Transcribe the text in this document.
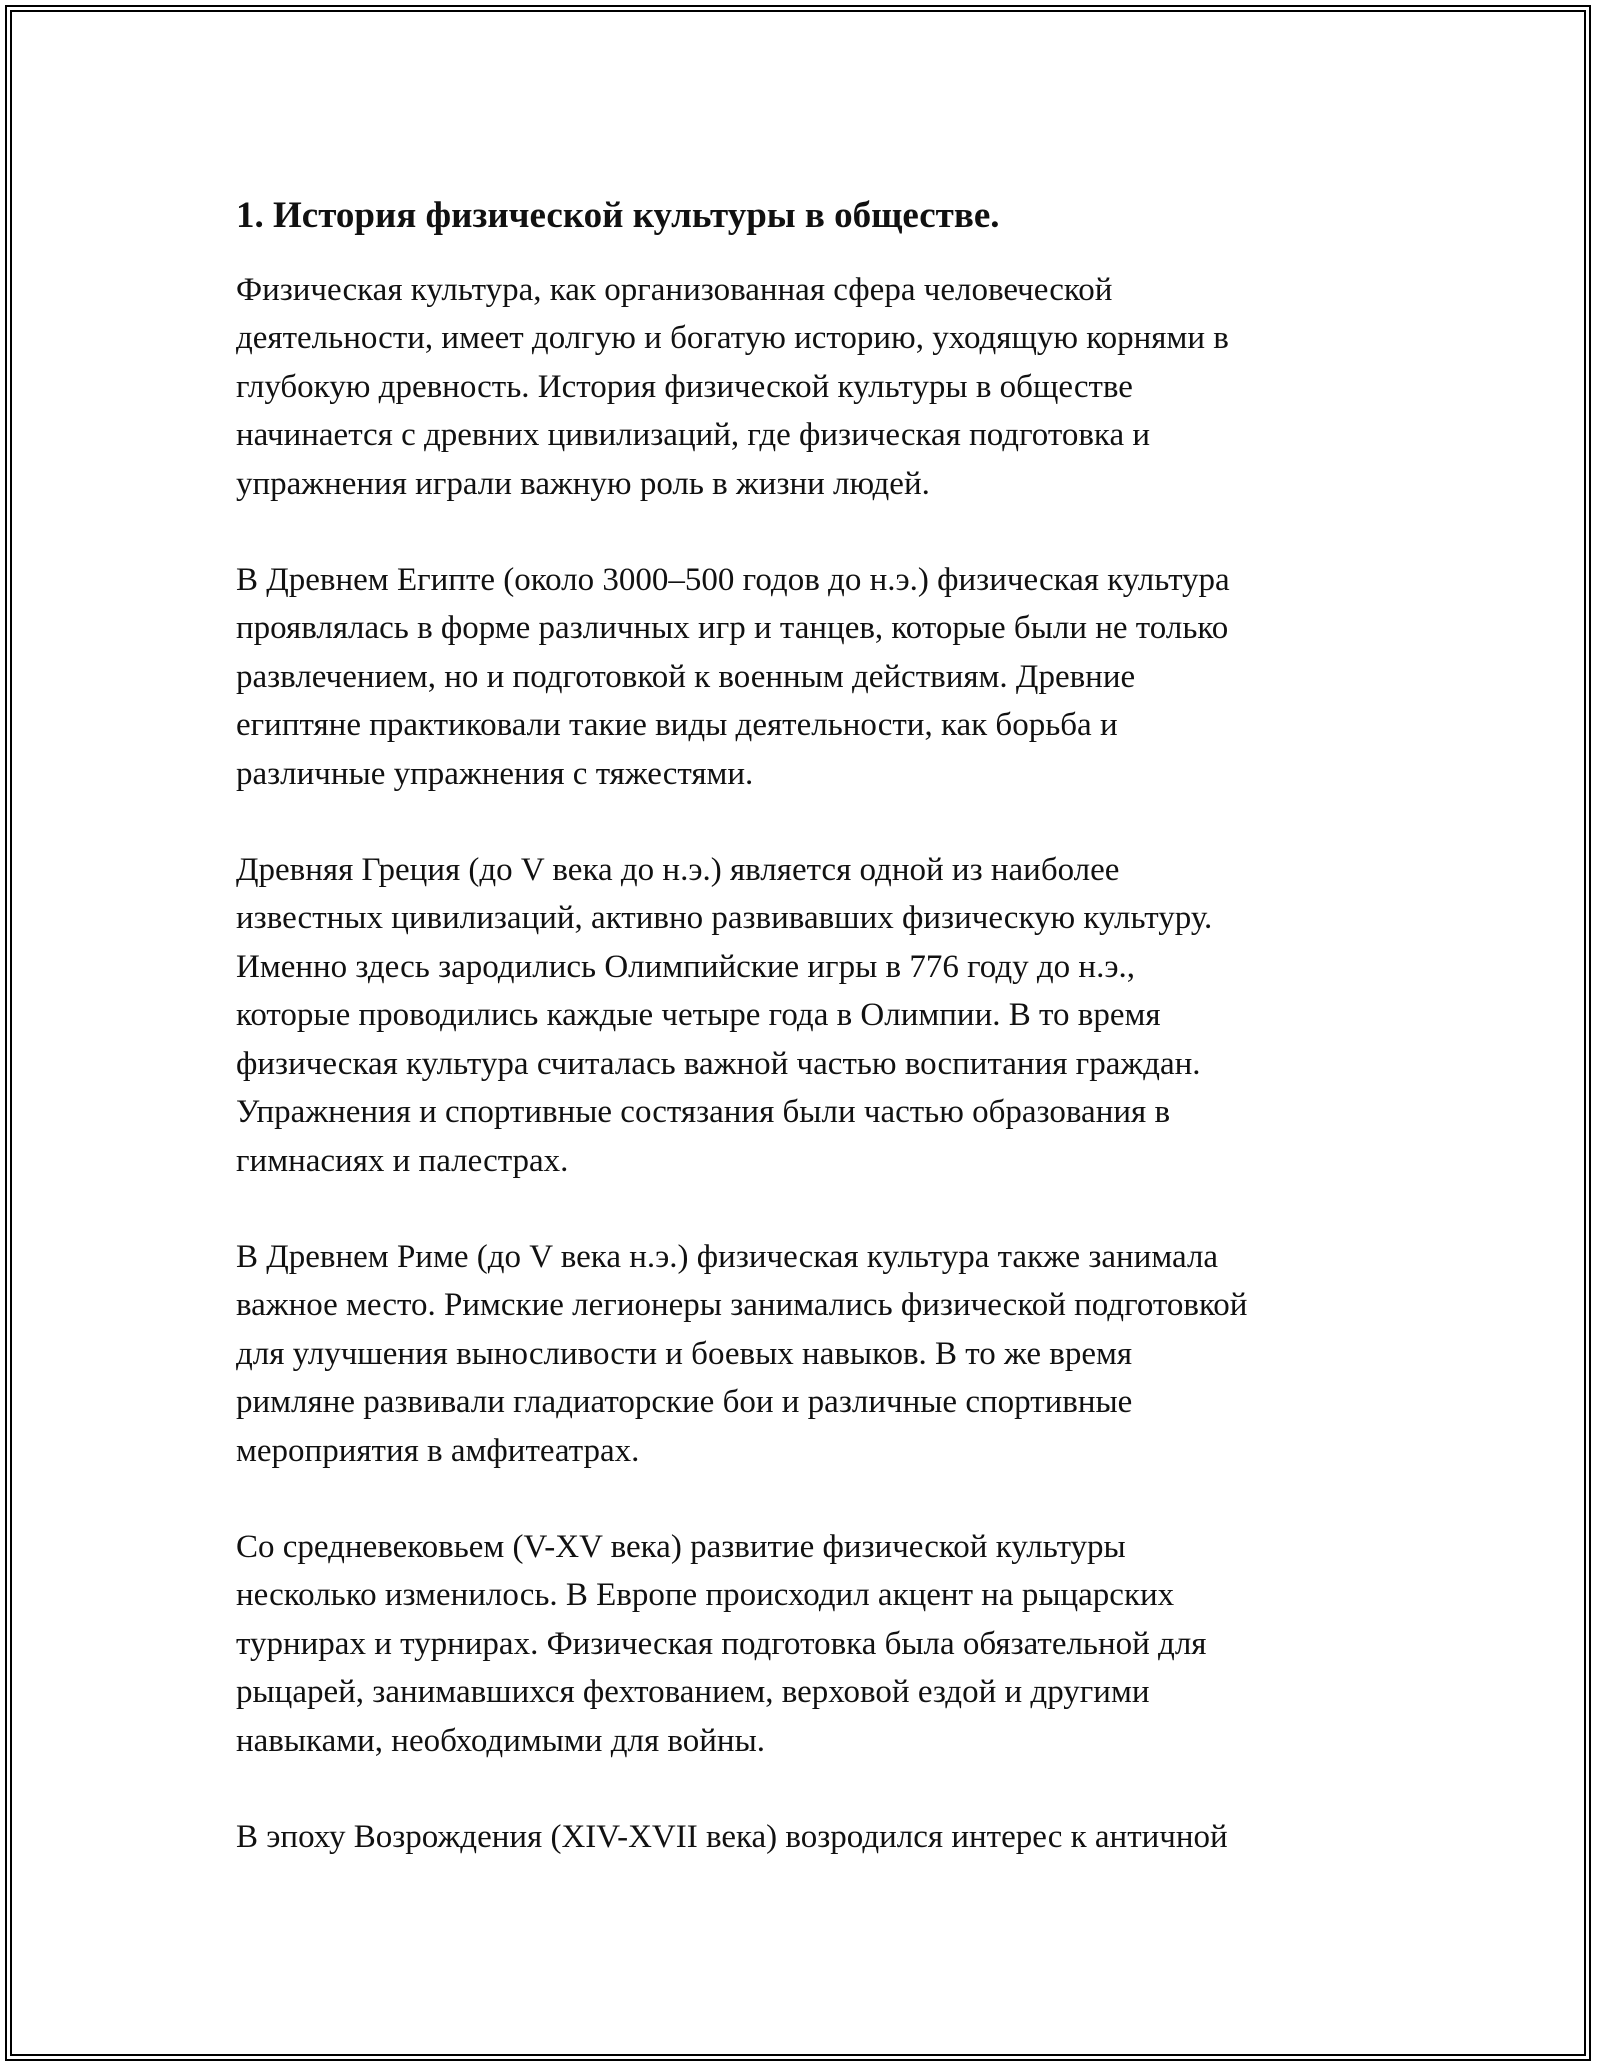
1. История физической культуры в обществе.

Физическая культура, как организованная сфера человеческой
деятельности, имеет долгую и богатую историю, уходящую корнями в
глубокую древность. История физической культуры в обществе
начинается с древних цивилизаций, где физическая подготовка и
упражнения играли важную роль в жизни людей.

В Древнем Египте (около 3000–500 годов до н.э.) физическая культура
проявлялась в форме различных игр и танцев, которые были не только
развлечением, но и подготовкой к военным действиям. Древние
египтяне практиковали такие виды деятельности, как борьба и
различные упражнения с тяжестями.

Древняя Греция (до V века до н.э.) является одной из наиболее
известных цивилизаций, активно развивавших физическую культуру.
Именно здесь зародились Олимпийские игры в 776 году до н.э.,
которые проводились каждые четыре года в Олимпии. В то время
физическая культура считалась важной частью воспитания граждан.
Упражнения и спортивные состязания были частью образования в
гимнасиях и палестрах.

В Древнем Риме (до V века н.э.) физическая культура также занимала
важное место. Римские легионеры занимались физической подготовкой
для улучшения выносливости и боевых навыков. В то же время
римляне развивали гладиаторские бои и различные спортивные
мероприятия в амфитеатрах.

Со средневековьем (V-XV века) развитие физической культуры
несколько изменилось. В Европе происходил акцент на рыцарских
турнирах и турнирах. Физическая подготовка была обязательной для
рыцарей, занимавшихся фехтованием, верховой ездой и другими
навыками, необходимыми для войны.

В эпоху Возрождения (XIV-XVII века) возродился интерес к античной
